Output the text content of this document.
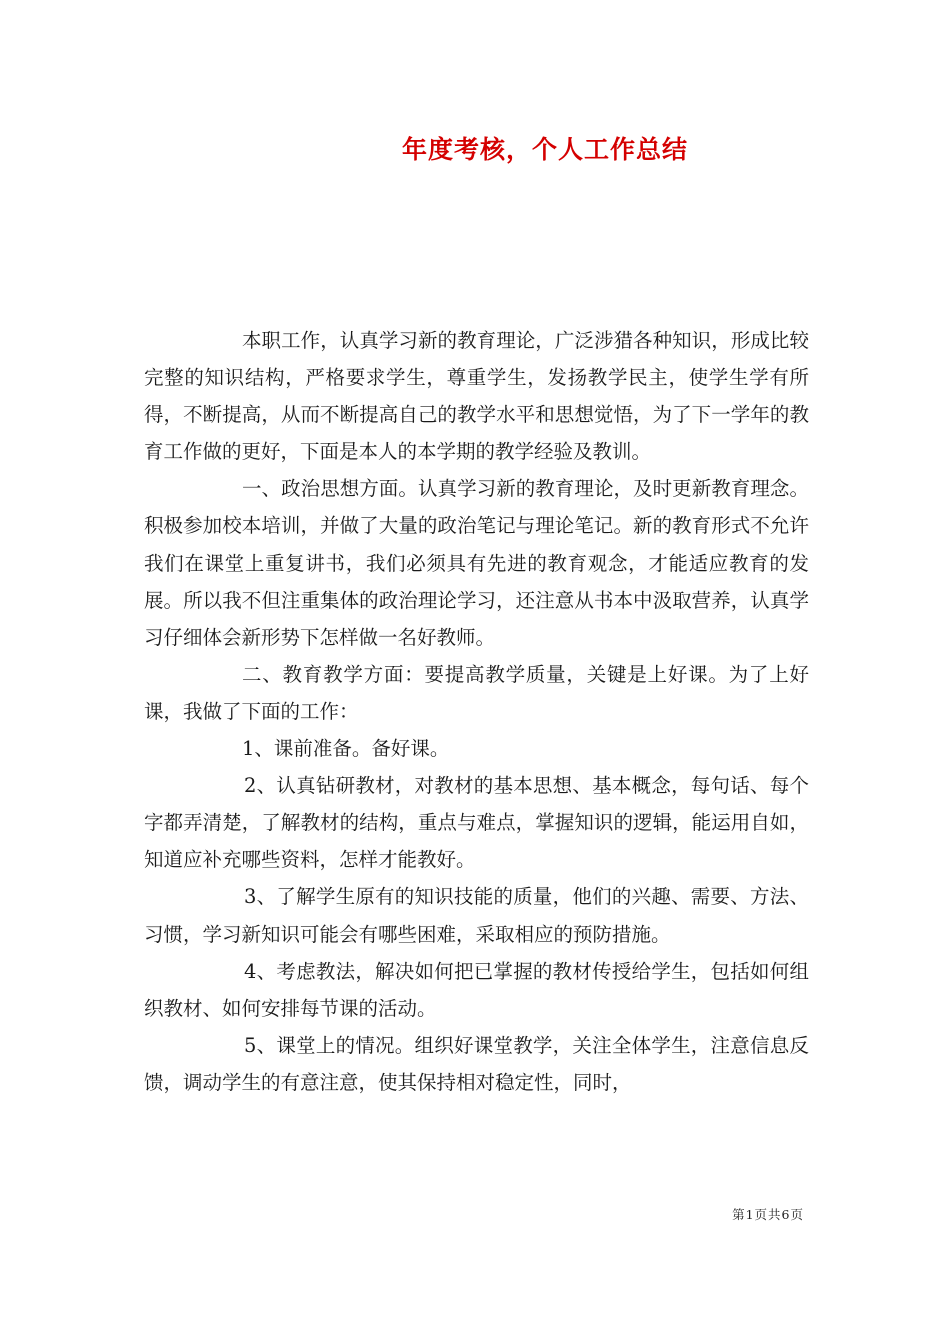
年度考核，个人工作总结

本职工作，认真学习新的教育理论，广泛涉猎各种知识，形成比较完整的知识结构，严格要求学生，尊重学生，发扬教学民主，使学生学有所得，不断提高，从而不断提高自己的教学水平和思想觉悟，为了下一学年的教育工作做的更好，下面是本人的本学期的教学经验及教训。

一、政治思想方面。认真学习新的教育理论，及时更新教育理念。积极参加校本培训，并做了大量的政治笔记与理论笔记。新的教育形式不允许我们在课堂上重复讲书，我们必须具有先进的教育观念，才能适应教育的发展。所以我不但注重集体的政治理论学习，还注意从书本中汲取营养，认真学习仔细体会新形势下怎样做一名好教师。

二、教育教学方面：要提高教学质量，关键是上好课。为了上好课，我做了下面的工作：

1、课前准备。备好课。

2、认真钻研教材，对教材的基本思想、基本概念，每句话、每个字都弄清楚，了解教材的结构，重点与难点，掌握知识的逻辑，能运用自如，知道应补充哪些资料，怎样才能教好。

3、了解学生原有的知识技能的质量，他们的兴趣、需要、方法、习惯，学习新知识可能会有哪些困难，采取相应的预防措施。

4、考虑教法，解决如何把已掌握的教材传授给学生，包括如何组织教材、如何安排每节课的活动。

5、课堂上的情况。组织好课堂教学，关注全体学生，注意信息反馈，调动学生的有意注意，使其保持相对稳定性，同时，

第1页共6页
